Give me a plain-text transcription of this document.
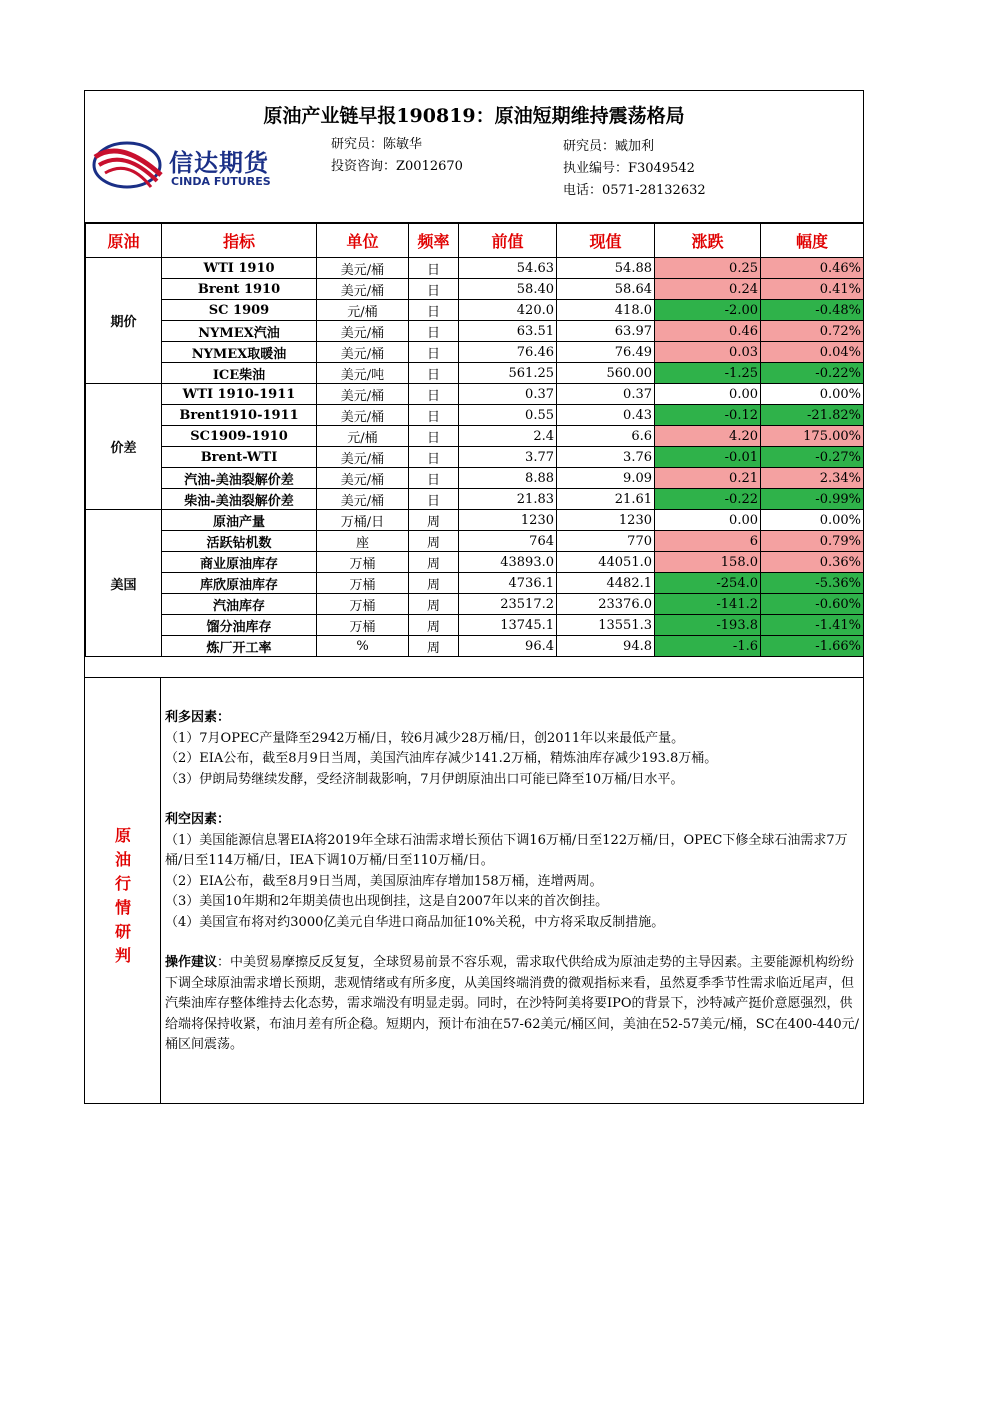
原油产业链早报190819：原油短期维持震荡格局
信达期货
CINDA FUTURES
研究员：陈敏华
投资咨询：Z0012670
研究员：臧加利
执业编号：F3049542
电话：0571-28132632
原油	指标	单位	频率	前值	现值	涨跌	幅度
期价	WTI 1910	美元/桶	日	54.63	54.88	0.25	0.46%
	Brent 1910	美元/桶	日	58.40	58.64	0.24	0.41%
	SC 1909	元/桶	日	420.0	418.0	-2.00	-0.48%
	NYMEX汽油	美元/桶	日	63.51	63.97	0.46	0.72%
	NYMEX取暖油	美元/桶	日	76.46	76.49	0.03	0.04%
	ICE柴油	美元/吨	日	561.25	560.00	-1.25	-0.22%
价差	WTI 1910-1911	美元/桶	日	0.37	0.37	0.00	0.00%
	Brent1910-1911	美元/桶	日	0.55	0.43	-0.12	-21.82%
	SC1909-1910	元/桶	日	2.4	6.6	4.20	175.00%
	Brent-WTI	美元/桶	日	3.77	3.76	-0.01	-0.27%
	汽油-美油裂解价差	美元/桶	日	8.88	9.09	0.21	2.34%
	柴油-美油裂解价差	美元/桶	日	21.83	21.61	-0.22	-0.99%
美国	原油产量	万桶/日	周	1230	1230	0.00	0.00%
	活跃钻机数	座	周	764	770	6	0.79%
	商业原油库存	万桶	周	43893.0	44051.0	158.0	0.36%
	库欣原油库存	万桶	周	4736.1	4482.1	-254.0	-5.36%
	汽油库存	万桶	周	23517.2	23376.0	-141.2	-0.60%
	馏分油库存	万桶	周	13745.1	13551.3	-193.8	-1.41%
	炼厂开工率	%	周	96.4	94.8	-1.6	-1.66%
原油行情研判

利多因素：

（1）7月OPEC产量降至2942万桶/日，较6月减少28万桶/日，创2011年以来最低产量。

（2）EIA公布，截至8月9日当周，美国汽油库存减少141.2万桶，精炼油库存减少193.8万桶。

（3）伊朗局势继续发酵，受经济制裁影响，7月伊朗原油出口可能已降至10万桶/日水平。

利空因素：

（1）美国能源信息署EIA将2019年全球石油需求增长预估下调16万桶/日至122万桶/日，OPEC下修全球石油需求7万桶/日至114万桶/日，IEA下调10万桶/日至110万桶/日。

（2）EIA公布，截至8月9日当周，美国原油库存增加158万桶，连增两周。

（3）美国10年期和2年期美债也出现倒挂，这是自2007年以来的首次倒挂。

（4）美国宣布将对约3000亿美元自华进口商品加征10%关税，中方将采取反制措施。

操作建议：中美贸易摩擦反反复复，全球贸易前景不容乐观，需求取代供给成为原油走势的主导因素。主要能源机构纷纷下调全球原油需求增长预期，悲观情绪或有所多度，从美国终端消费的微观指标来看，虽然夏季季节性需求临近尾声，但汽柴油库存整体维持去化态势，需求端没有明显走弱。同时，在沙特阿美将要IPO的背景下，沙特减产挺价意愿强烈，供给端将保持收紧，布油月差有所企稳。短期内，预计布油在57-62美元/桶区间，美油在52-57美元/桶，SC在400-440元/桶区间震荡。
